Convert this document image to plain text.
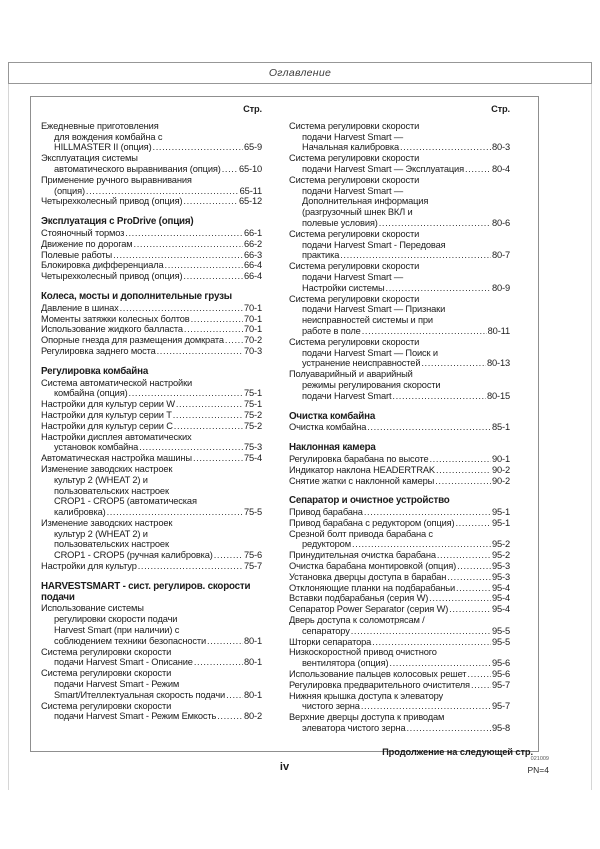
Оглавление
Стр.
Ежедневные приготовления
для вождения комбайна с
HILLMASTER II (опция) .....	65-9
Эксплуатация системы
автоматического выравнивания (опция) ..... 65-10
Применение ручного выравнивания
(опция) .....	65-11
Четырехколесный привод (опция) .....	65-12
Эксплуатация с ProDrive (опция)
Стояночный тормоз .....	66-1
Движение по дорогам .....	66-2
Полевые работы .....	66-3
Блокировка дифференциала .....	66-4
Четырехколесный привод (опция) .....	66-4
Колеса, мосты и дополнительные грузы
Давление в шинах .....	70-1
Моменты затяжки колесных болтов .....	70-1
Использование жидкого балласта .....	70-1
Опорные гнезда для размещения домкрата ..... 70-2
Регулировка заднего моста .....	70-3
Регулировка комбайна
Система автоматической настройки
комбайна (опция) .....	75-1
Настройки для культур серии W .....	75-1
Настройки для культур серии T .....	75-2
Настройки для культур серии C .....	75-2
Настройки дисплея автоматических
установок комбайна .....	75-3
Автоматическая настройка машины .....	75-4
Изменение заводских настроек
культур 2 (WHEAT 2) и
пользовательских настроек
CROP1 - CROP5 (автоматическая
калибровка) .....	75-5
Изменение заводских настроек
культур 2 (WHEAT 2) и
пользовательских настроек
CROP1 - CROP5 (ручная калибровка) .....	75-6
Настройки для культур .....	75-7
HARVESTSMART - сист. регулиров. скорости
подачи
Использование системы
регулировки скорости подачи
Harvest Smart (при наличии) с
соблюдением техники безопасности .....	80-1
Система регулировки скорости
подачи Harvest Smart - Описание .....	80-1
Система регулировки скорости
подачи Harvest Smart - Режим
Smart/Ителлектуальная скорость подачи ..... 80-1
Система регулировки скорости
подачи Harvest Smart - Режим Емкость .....	80-2
Стр.
Система регулировки скорости
подачи Harvest Smart —
Начальная калибровка .....	80-3
Система регулировки скорости
подачи Harvest Smart — Эксплуатация .....	80-4
Система регулировки скорости
подачи Harvest Smart —
Дополнительная информация
(разгрузочный шнек ВКЛ и
полевые условия) .....	80-6
Система регулировки скорости
подачи Harvest Smart - Передовая
практика .....	80-7
Система регулировки скорости
подачи Harvest Smart —
Настройки системы .....	80-9
Система регулировки скорости
подачи Harvest Smart — Признаки
неисправностей системы и при
работе в поле .....	80-11
Система регулировки скорости
подачи Harvest Smart — Поиск и
устранение неисправностей .....	80-13
Полуаварийный и аварийный
режимы регулирования скорости
подачи Harvest Smart .....	80-15
Очистка комбайна
Очистка комбайна .....	85-1
Наклонная камера
Регулировка барабана по высоте .....	90-1
Индикатор наклона HEADERTRAK .....	90-2
Снятие жатки с наклонной камеры .....	90-2
Сепаратор и очистное устройство
Привод барабана .....	95-1
Привод барабана с редуктором (опция) .....	95-1
Срезной болт привода барабана с
редуктором .....	95-2
Принудительная очистка барабана .....	95-2
Очистка барабана монтировкой (опция) .....	95-3
Установка дверцы доступа в барабан .....	95-3
Отклоняющие планки на подбарабаньи .....	95-4
Вставки подбарабанья (серия W) .....	95-4
Сепаратор Power Separator (серия W) .....	95-4
Дверь доступа к соломотрясам /
сепаратору .....	95-5
Шторки сепаратора .....	95-5
Низкоскоростной привод очистного
вентилятора (опция) .....	95-6
Использование пальцев колосовых решет .....	95-6
Регулировка предварительного очистителя ..... 95-7
Нижняя крышка доступа к элеватору
чистого зерна .....	95-7
Верхние дверцы доступа к приводам
элеватора чистого зерна .....	95-8
Продолжение на следующей стр.
iv
021009
PN=4
